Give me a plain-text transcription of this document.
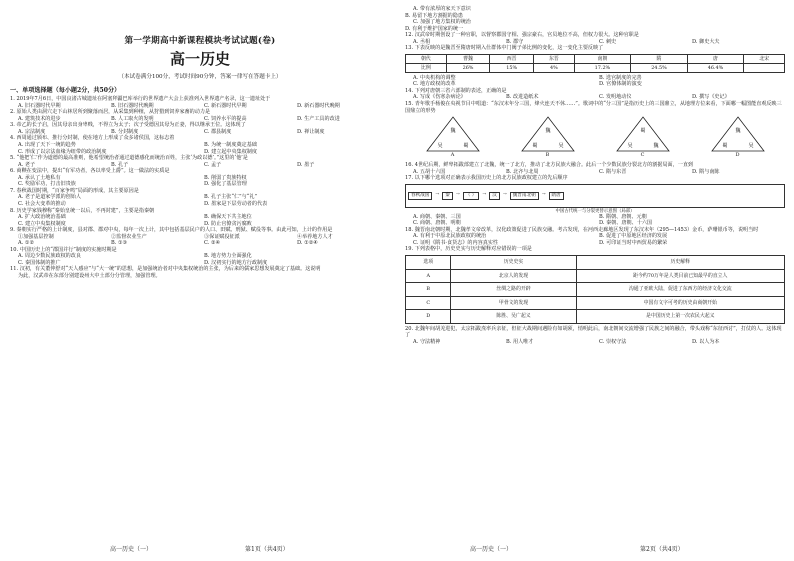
第一学期高中新课程模块考试试题(卷)
高一历史
（本试卷满分100分，考试时间90分钟，答案一律写在答题卡上）
一、单项选择题（每小题2分，共50分）
1. 2019年7月6日，中国良渚古城遗址在阿塞拜疆巴库举行的世界遗产大会上获准列入世界遗产名录，这一遗址处于
A. 旧石器时代早期	B. 旧石器时代晚期	C. 新石器时代早期	D. 新石器时代晚期
2. 原始人类由洞穴走下山林居所到聚落而居，从采集到种植，从狩猎到饲养家畜的动力是
A. 建筑技术的进步	B. 人工取火的发明	C. 饲养水平的提高	D. 生产工具的改进
3. 帝乙的长子启，因其母亲出身卑贱，不得立为太子；次子受德因其母为正妻，得以继承王位。这体现了
A. 宗法制度	B. 分封制度	C. 郡县制度	D. 禅让制度
4. 西周通过颁布、推行分封制，使在地方上形成了众多诸侯国，这标志着
A. 出现了天下一统的趋势	B. 为统一制度奠定基础
C. 形成了以宗法血缘为纽带的政治制度	D. 建立起中央集权制度
5. “他把‘仁’作为道德的最高准则，他希望统治者通过道德感化而统治百姓，主张‘为政以德’。”这里的‘他’是
A. 老子	B. 孔子	C. 孟子	D. 墨子
6. 商鞅在变法中，提出“有军功者，各以率受上爵”。这一做法的实质是
A. 承认了土地私有	B. 削弱了贵族特权
C. 奖励军功，打击旧贵族	D. 强化了基层管理
7. 春秋战国时期，“百家争鸣”局面的形成，其主要原因是
A. 老子是道家学派的创始人	B. 孔子主张“仁”与“礼”
C. 社会大变革的推动	D. 墨家是下层劳动者的代表
8. 历史学家钱穆称“秦始皇统一以后，不再封建”，主要是指秦朝
A. 扩大政治统治基础	B. 确保天下共主地位
C. 建立中央集权制度	D. 防止官僚贪污腐败
9. 秦朝实行严格的上计制度，县对郡、郡对中央，每年一次上计，其中包括基层民户的人口、田赋、刑狱、赋役等事。由此可知，上计的作用是
①加强基层控制	②监督农业生产	③保证赋役征派	④举荐地方人才
A. ①②	B. ①③	C. ②④	D. ①②④
10. 中国历史上的“郡国并行”制度的实施时期是
A. 周边少数民族政权的改良	B. 地方势力全面强化
C. 秦国体制的推广	D. 汉初实行的地方行政制度
11. 汉初，有关董仲舒对“天人感应”与“大一统”的思想，是加强统治者对中央集权统治的主张，为后来的儒家思想发展奠定了基础。这说明
为此，汉武帝在东部分别建设州大中土部分分管理，加强管理。
高一历史（一）	第1页（共4页）
A. 带有浓厚的家天下意识
B. 易留下地方割据的隐患
C. 加强了地方集权的统治
D. 有利于维护国家的统一
12. 汉武帝时期创设了一种官职，以督察郡国守相、强宗豪右，官员地位不高，但权力很大。这种官职是
A. 丞相	B. 郡守	C. 刺史	D. 御史大夫
13. 下表反映的是魏晋至隋唐时期入仕群体中门阀子弟比例的变化，这一变化主要反映了
朝代	曹魏	西晋	东晋	南朝	隋	唐	北宋
比例	26%	15%	4%	17.2%	24.5%	46.4%	
A. 中央机构的调整	B. 选官制度的完善
C. 地方政权的改革	D. 官僚体制的演变
14. 下列对唐朝三省六部制的表述，正确的是
A. 写成《伤寒杂病论》	B. 改进造纸术	C. 发明地动仪	D. 撰写《史记》
15. 青年歌手杨俊在央视节目中唱道：“东汉末年分三国，烽火连天不休……”。歌词中的“分三国”是指历史上的三国鼎立，从地理方位来看，下面哪一幅图能直观反映三国鼎立的形势
魏
吴	蜀
A
魏
蜀	吴
B
蜀
吴	魏
C
魏
蜀	吴
D
16. 4世纪后期，鲜卑拓跋部建立了北魏，统一了北方，推动了北方民族大融合。此后一个少数民族分裂北方的割据局面，一直到
A. 五胡十六国	B. 北齐与北周	C. 隋与东晋	D. 隋与南陈
17. 以下哪个选项对正确表示我国历史上的北方民族政权建立的先后顺序
春秋战国	→	秦	→	（ ）	→	汉	→	魏晋南北朝	→	隋唐
中国古代统一与分裂更替示意图（局部）
A. 商朝、秦朝、三国	B. 隋朝、唐朝、元朝
C. 商朝、唐朝、明朝	D. 秦朝、唐朝、十六国
18. 魏晋南北朝时期，北魏孝文帝改革，汉化政策促进了民族交融。考古发现，在河西走廊地区发现了东汉末年（295—1453）金币，萨珊银币等，说明当时
A. 有利于中原北民族政权的统治	B. 促进了中原地区经济的发展
C. 证明《隋书·食货志》的内容真实性	D. 可印证当时中西贸易的繁荣
19. 下列表格中，历史史实与历史解释对应错误的一项是
选项	历史史实	历史解释
A	北京人的发现	距今约70万年是人类目前已知最早的直立人
B	丝绸之路的开辟	沟通了亚欧大陆，促进了东西方的经济文化交流
C	甲骨文的发现	中国有文字可考的历史由商朝开始
D	陈胜、吴广起义	是中国历史上第一次农民大起义
20. 北魏年间胡羌进犯，太宗拓跋焘率兵亲征，但征大战期间遇险有如胡须，悄明此后，南北朝间交流增强了民族之间的融合，带头戏称“东征西讨”，打仗的人。这体现了
A. 守法精神	B. 用人唯才	C. 崇权守法	D. 以人为本
高一历史（一）	第2页（共4页）
